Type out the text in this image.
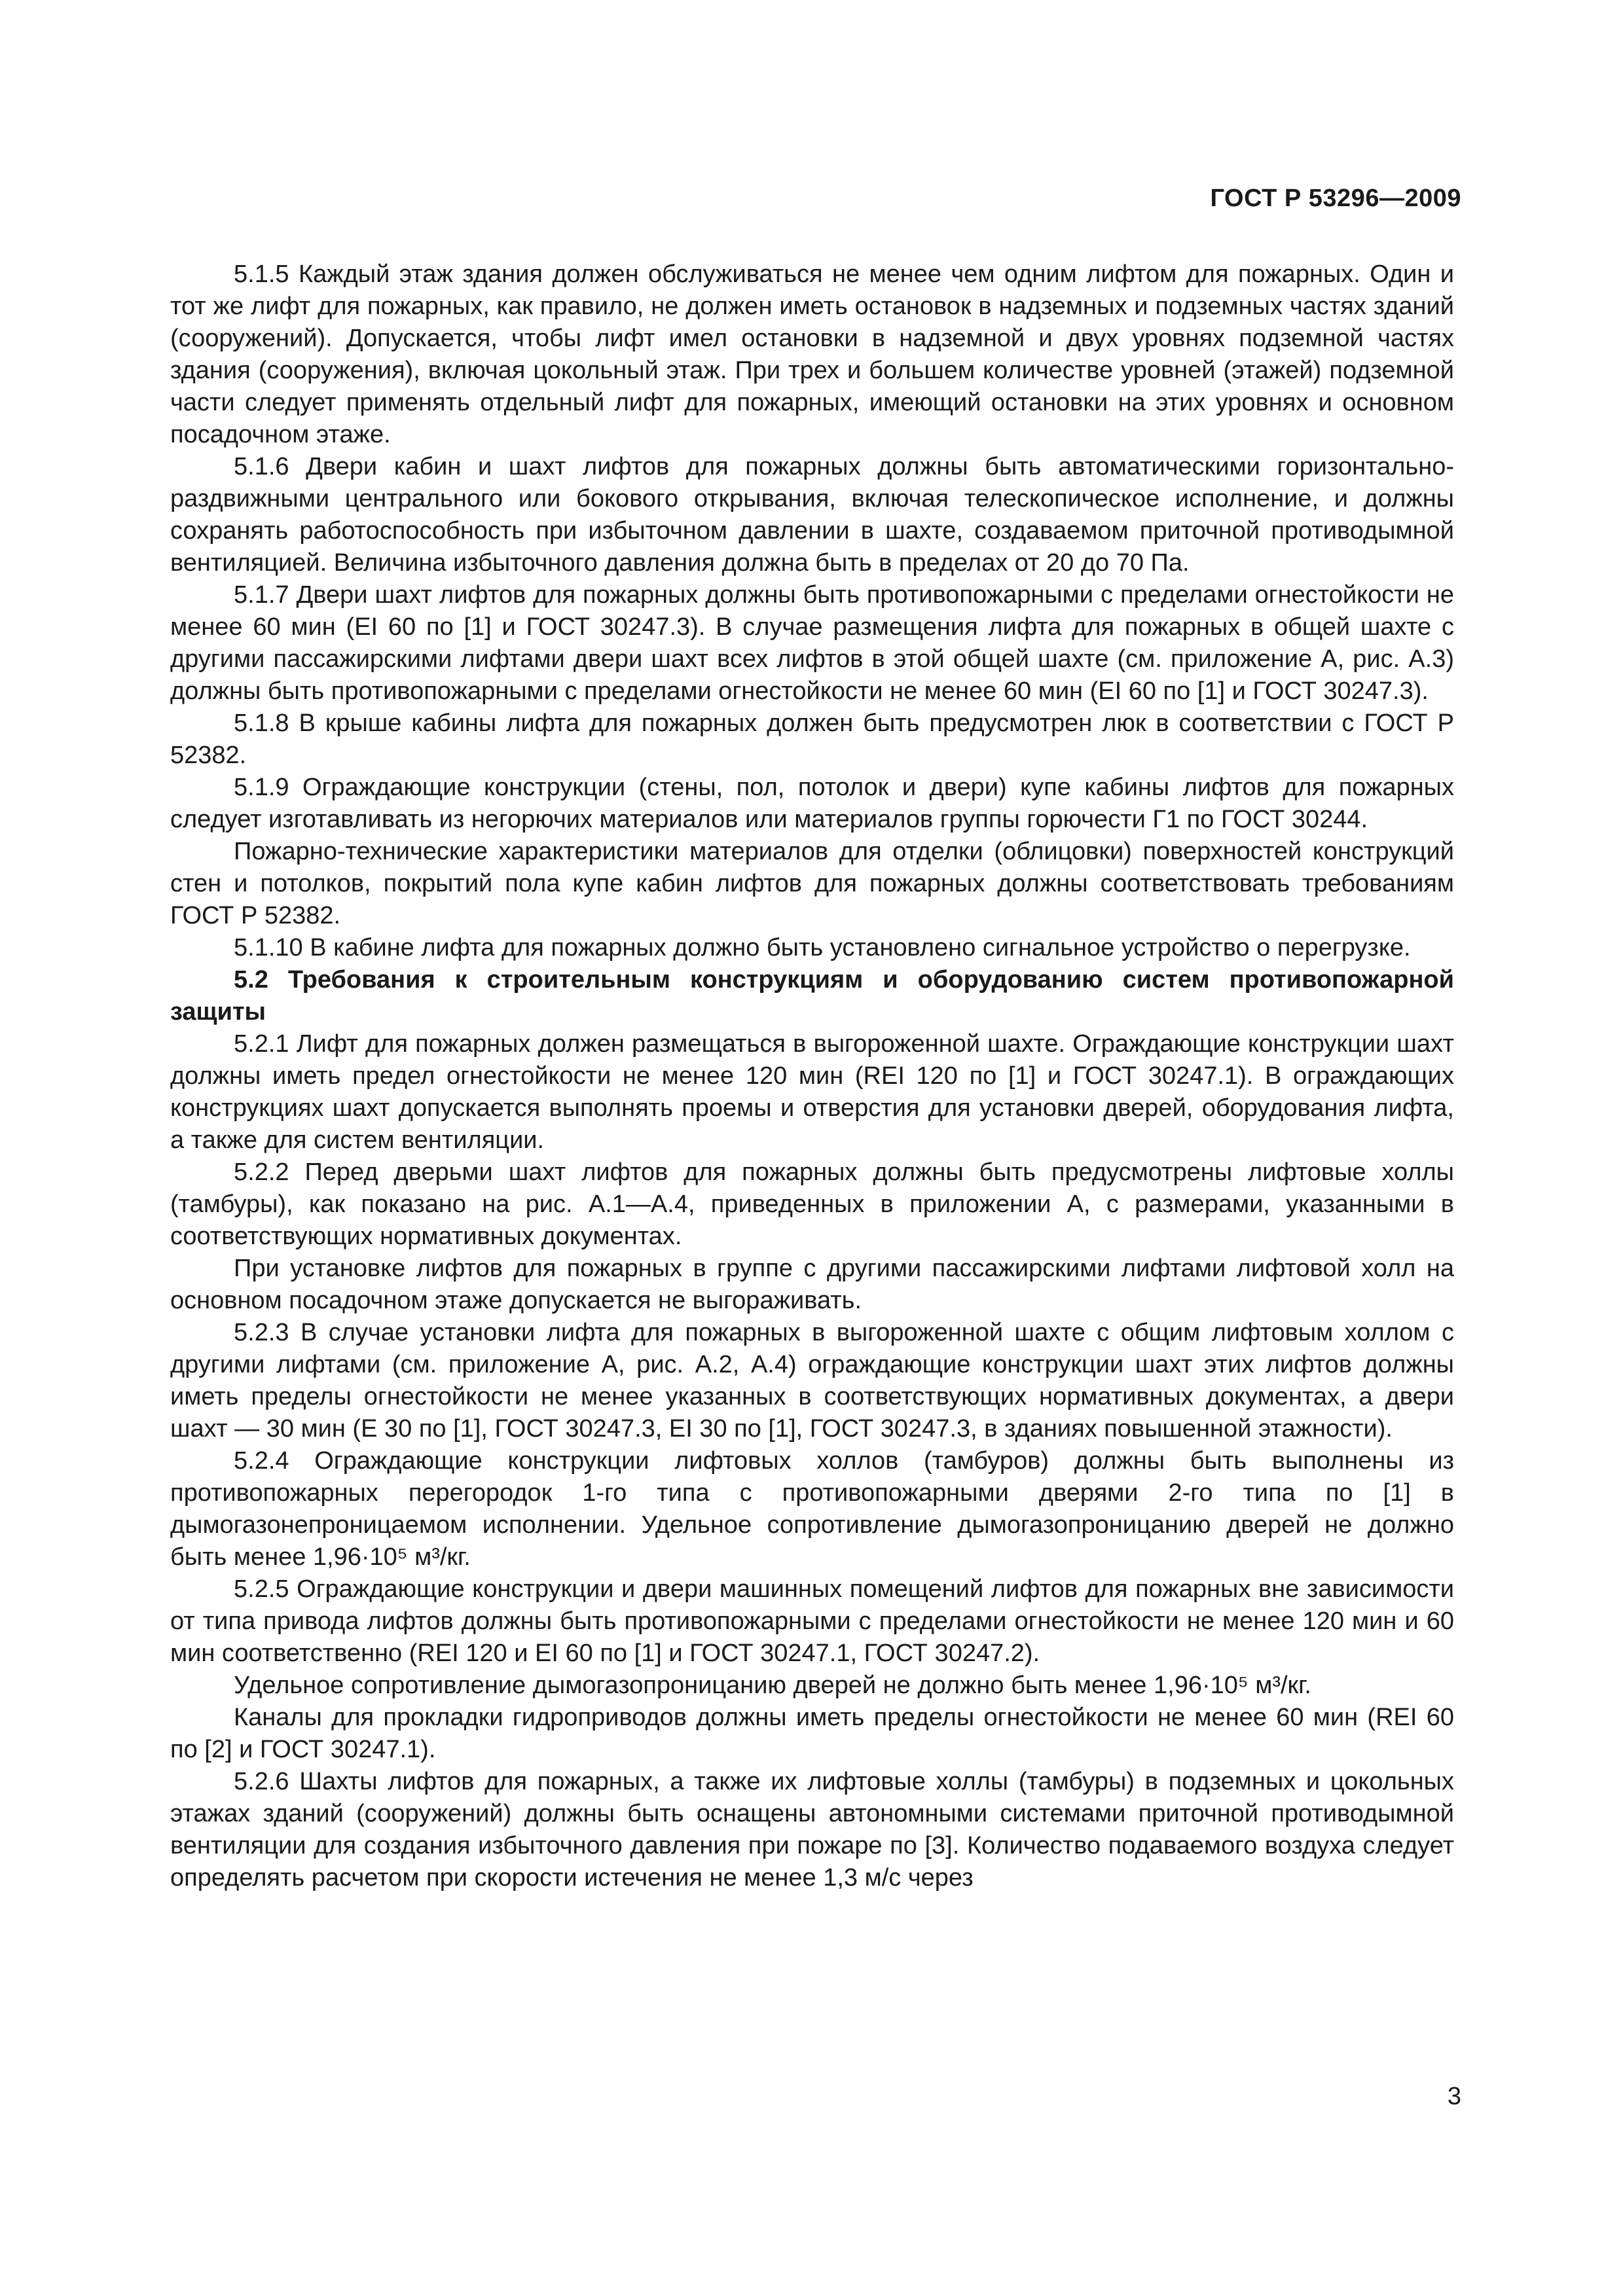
ГОСТ Р 53296—2009

5.1.5 Каждый этаж здания должен обслуживаться не менее чем одним лифтом для пожарных. Один и тот же лифт для пожарных, как правило, не должен иметь остановок в надземных и подземных частях зданий (сооружений). Допускается, чтобы лифт имел остановки в надземной и двух уровнях подземной частях здания (сооружения), включая цокольный этаж. При трех и большем количестве уровней (этажей) подземной части следует применять отдельный лифт для пожарных, имеющий остановки на этих уровнях и основном посадочном этаже.

5.1.6 Двери кабин и шахт лифтов для пожарных должны быть автоматическими горизонтально-раздвижными центрального или бокового открывания, включая телескопическое исполнение, и должны сохранять работоспособность при избыточном давлении в шахте, создаваемом приточной противодымной вентиляцией. Величина избыточного давления должна быть в пределах от 20 до 70 Па.

5.1.7 Двери шахт лифтов для пожарных должны быть противопожарными с пределами огнестойкости не менее 60 мин (EI 60 по [1] и ГОСТ 30247.3). В случае размещения лифта для пожарных в общей шахте с другими пассажирскими лифтами двери шахт всех лифтов в этой общей шахте (см. приложение А, рис. А.3) должны быть противопожарными с пределами огнестойкости не менее 60 мин (EI 60 по [1] и ГОСТ 30247.3).

5.1.8 В крыше кабины лифта для пожарных должен быть предусмотрен люк в соответствии с ГОСТ Р 52382.

5.1.9 Ограждающие конструкции (стены, пол, потолок и двери) купе кабины лифтов для пожарных следует изготавливать из негорючих материалов или материалов группы горючести Г1 по ГОСТ 30244.

Пожарно-технические характеристики материалов для отделки (облицовки) поверхностей конструкций стен и потолков, покрытий пола купе кабин лифтов для пожарных должны соответствовать требованиям ГОСТ Р 52382.

5.1.10 В кабине лифта для пожарных должно быть установлено сигнальное устройство о перегрузке.

5.2 Требования к строительным конструкциям и оборудованию систем противопожарной защиты

5.2.1 Лифт для пожарных должен размещаться в выгороженной шахте. Ограждающие конструкции шахт должны иметь предел огнестойкости не менее 120 мин (REI 120 по [1] и ГОСТ 30247.1). В ограждающих конструкциях шахт допускается выполнять проемы и отверстия для установки дверей, оборудования лифта, а также для систем вентиляции.

5.2.2 Перед дверьми шахт лифтов для пожарных должны быть предусмотрены лифтовые холлы (тамбуры), как показано на рис. А.1—А.4, приведенных в приложении А, с размерами, указанными в соответствующих нормативных документах.

При установке лифтов для пожарных в группе с другими пассажирскими лифтами лифтовой холл на основном посадочном этаже допускается не выгораживать.

5.2.3 В случае установки лифта для пожарных в выгороженной шахте с общим лифтовым холлом с другими лифтами (см. приложение А, рис. А.2, А.4) ограждающие конструкции шахт этих лифтов должны иметь пределы огнестойкости не менее указанных в соответствующих нормативных документах, а двери шахт — 30 мин (E 30 по [1], ГОСТ 30247.3, EI 30 по [1], ГОСТ 30247.3, в зданиях повышенной этажности).

5.2.4 Ограждающие конструкции лифтовых холлов (тамбуров) должны быть выполнены из противопожарных перегородок 1-го типа с противопожарными дверями 2-го типа по [1] в дымогазонепроницаемом исполнении. Удельное сопротивление дымогазопроницанию дверей не должно быть менее 1,96·10⁵ м³/кг.

5.2.5 Ограждающие конструкции и двери машинных помещений лифтов для пожарных вне зависимости от типа привода лифтов должны быть противопожарными с пределами огнестойкости не менее 120 мин и 60 мин соответственно (REI 120 и EI 60 по [1] и ГОСТ 30247.1, ГОСТ 30247.2).

Удельное сопротивление дымогазопроницанию дверей не должно быть менее 1,96·10⁵ м³/кг.

Каналы для прокладки гидроприводов должны иметь пределы огнестойкости не менее 60 мин (REI 60 по [2] и ГОСТ 30247.1).

5.2.6 Шахты лифтов для пожарных, а также их лифтовые холлы (тамбуры) в подземных и цокольных этажах зданий (сооружений) должны быть оснащены автономными системами приточной противодымной вентиляции для создания избыточного давления при пожаре по [3]. Количество подаваемого воздуха следует определять расчетом при скорости истечения не менее 1,3 м/с через

3
